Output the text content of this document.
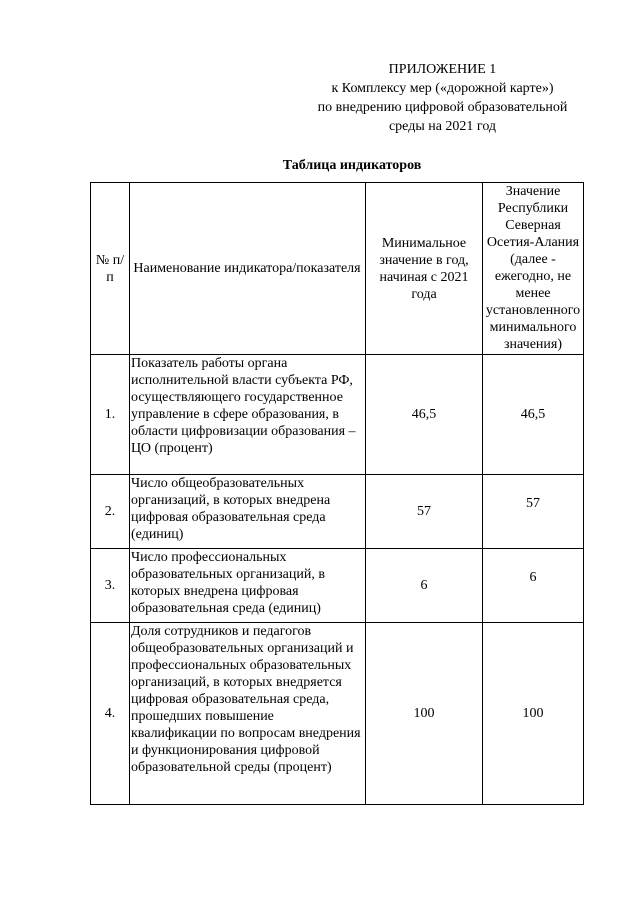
ПРИЛОЖЕНИЕ 1
к Комплексу мер («дорожной карте»)
по внедрению цифровой образовательной
среды на 2021 год
Таблица индикаторов
№ п/п	Наименование индикатора/показателя	Минимальное значение в год, начиная с 2021 года	Значение Республики Северная Осетия-Алания (далее - ежегодно, не менее установленного минимального значения)
1.	Показатель работы органа исполнительной власти субъекта РФ, осуществляющего государственное управление в сфере образования, в области цифровизации образования – ЦО (процент)	46,5	46,5
2.	Число общеобразовательных организаций, в которых внедрена цифровая образовательная среда (единиц)	57	57
3.	Число профессиональных образовательных организаций, в которых внедрена цифровая образовательная среда (единиц)	6	6
4.	Доля сотрудников и педагогов общеобразовательных организаций и профессиональных образовательных организаций, в которых внедряется цифровая образовательная среда, прошедших повышение квалификации по вопросам внедрения и функционирования цифровой образовательной среды (процент)	100	100
